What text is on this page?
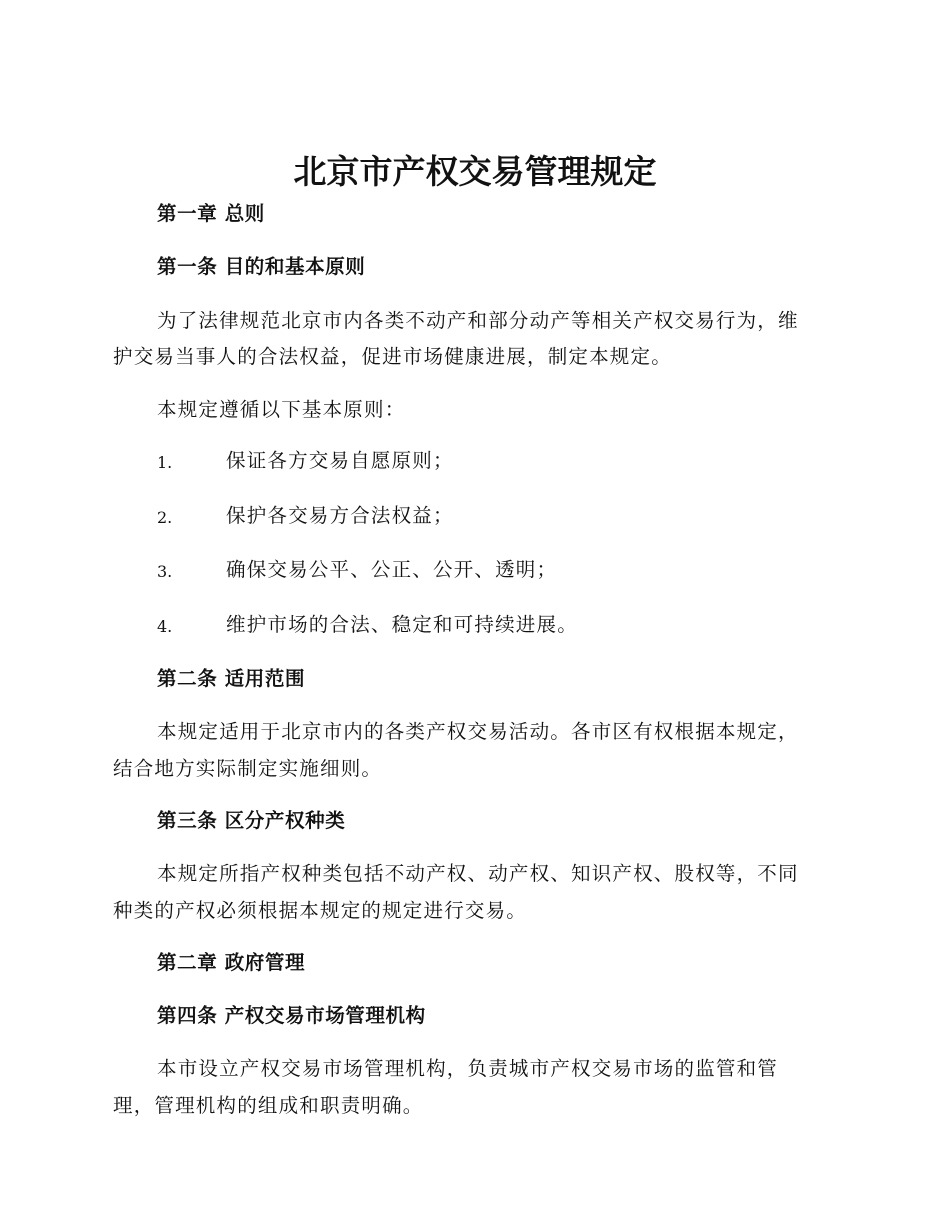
北京市产权交易管理规定
第一章 总则
第一条 目的和基本原则
为了法律规范北京市内各类不动产和部分动产等相关产权交易行为，维
护交易当事人的合法权益，促进市场健康进展，制定本规定。
本规定遵循以下基本原则：
1.	保证各方交易自愿原则；
2.	保护各交易方合法权益；
3.	确保交易公平、公正、公开、透明；
4.	维护市场的合法、稳定和可持续进展。
第二条 适用范围
本规定适用于北京市内的各类产权交易活动。各市区有权根据本规定，
结合地方实际制定实施细则。
第三条 区分产权种类
本规定所指产权种类包括不动产权、动产权、知识产权、股权等，不同
种类的产权必须根据本规定的规定进行交易。
第二章 政府管理
第四条 产权交易市场管理机构
本市设立产权交易市场管理机构，负责城市产权交易市场的监管和管
理，管理机构的组成和职责明确。
